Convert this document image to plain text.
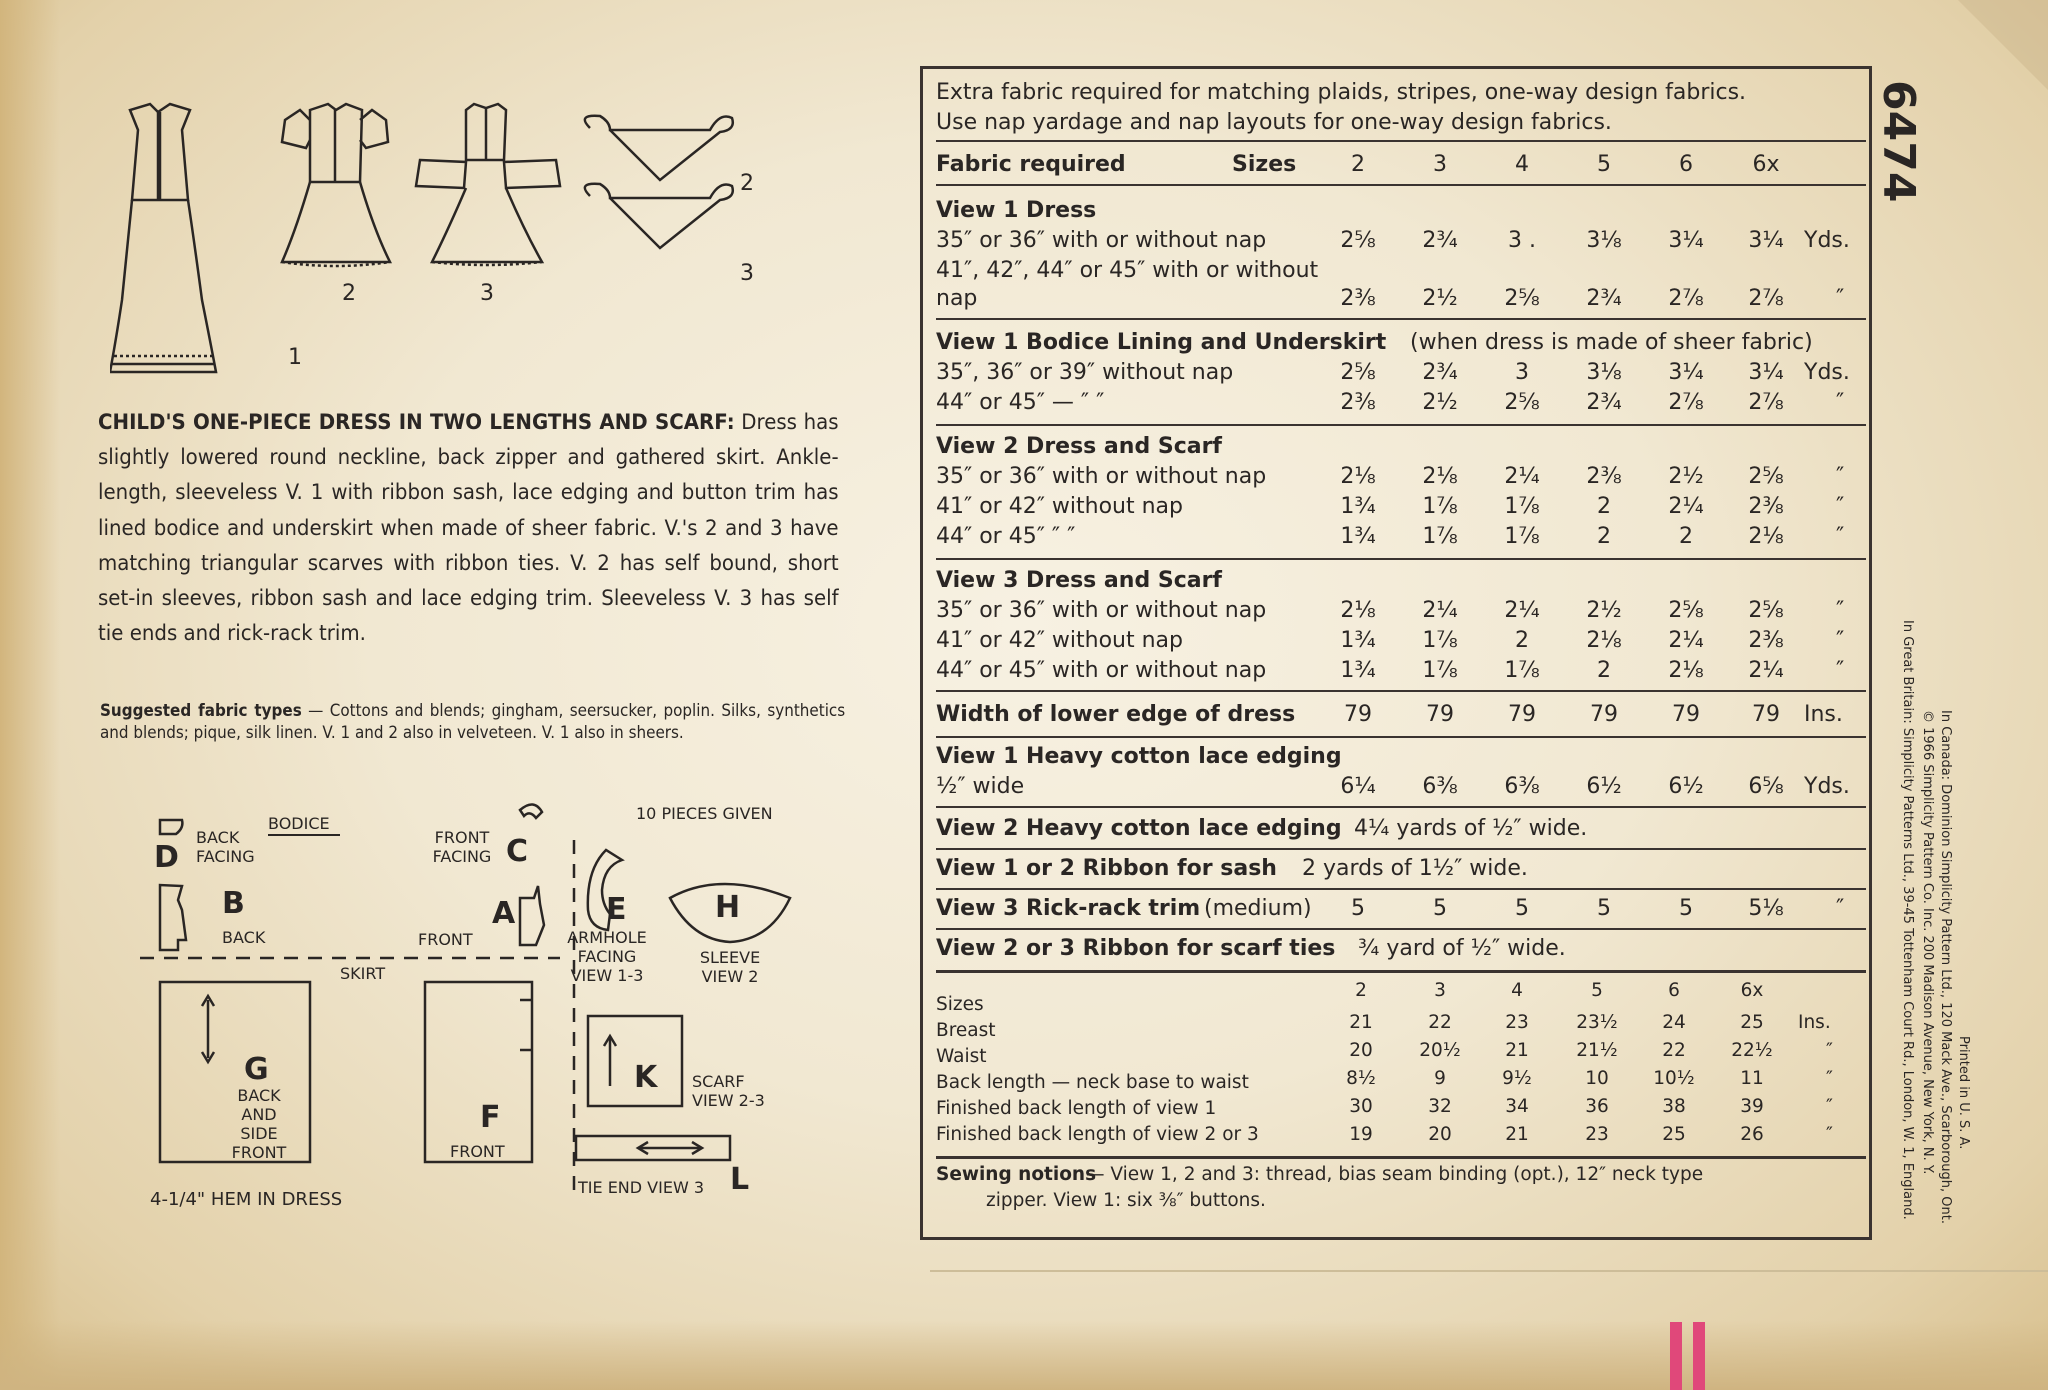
1
2	3
2
3
CHILD'S ONE-PIECE DRESS IN TWO LENGTHS AND SCARF: Dress has slightly lowered round neckline, back zipper and gathered skirt. Ankle-length, sleeveless V. 1 with ribbon sash, lace edging and button trim has lined bodice and underskirt when made of sheer fabric. V.'s 2 and 3 have matching triangular scarves with ribbon ties. V. 2 has self bound, short set-in sleeves, ribbon sash and lace edging trim. Sleeveless V. 3 has self tie ends and rick-rack trim.
Suggested fabric types — Cottons and blends; gingham, seersucker, poplin. Silks, synthetics and blends; pique, silk linen. V. 1 and 2 also in velveteen. V. 1 also in sheers.
BODICE
10 PIECES GIVEN
BACK FACING
D
B
BACK
FRONT FACING C
A
FRONT
E
ARMHOLE FACING VIEW 1-3
H
SLEEVE VIEW 2
SKIRT
G
BACK AND SIDE FRONT
F
FRONT
K SCARF VIEW 2-3
TIE END VIEW 3 L
4-1/4" HEM IN DRESS
Extra fabric required for matching plaids, stripes, one-way design fabrics.
Use nap yardage and nap layouts for one-way design fabrics.
Fabric required	Sizes	2	3	4	5	6	6x
View 1 Dress
35″ or 36″ with or without nap	2⅝	2¾	3 .	3⅛	3¼	3¼ Yds.
41″, 42″, 44″ or 45″ with or without
nap	2⅜	2½	2⅝	2¾	2⅞	2⅞	″
View 1 Bodice Lining and Underskirt (when dress is made of sheer fabric)
35″, 36″ or 39″ without nap	2⅝	2¾	3	3⅛	3¼	3¼ Yds.
44″ or 45″ — ″ ″	2⅜	2½	2⅝	2¾	2⅞	2⅞	″
View 2 Dress and Scarf
35″ or 36″ with or without nap	2⅛	2⅛	2¼	2⅜	2½	2⅝	″
41″ or 42″ without nap	1¾	1⅞	1⅞	2	2¼	2⅜	″
44″ or 45″ ″ ″	1¾	1⅞	1⅞	2	2	2⅛	″
View 3 Dress and Scarf
35″ or 36″ with or without nap	2⅛	2¼	2¼	2½	2⅝	2⅝	″
41″ or 42″ without nap	1¾	1⅞	2	2⅛	2¼	2⅜	″
44″ or 45″ with or without nap	1¾	1⅞	1⅞	2	2⅛	2¼	″
Width of lower edge of dress	79	79	79	79	79	79	Ins.
View 1 Heavy cotton lace edging
½″ wide	6¼	6⅜	6⅜	6½	6½	6⅝ Yds.
View 2 Heavy cotton lace edging 4¼ yards of ½″ wide.
View 1 or 2 Ribbon for sash 2 yards of 1½″ wide.
View 3 Rick-rack trim (medium)	5	5	5	5	5	5⅛	″
View 2 or 3 Ribbon for scarf ties ¾ yard of ½″ wide.
Sizes
2	3	4	5	6	6x
Breast	21	22	23	23½	24	25	Ins.
Waist	20	20½	21	21½	22	22½	″
Back length — neck base to waist	8½	9	9½	10	10½	11	″
Finished back length of view 1	30	32	34	36	38	39	″
Finished back length of view 2 or 3	19	20	21	23	25	26	″
Sewing notions
— View 1, 2 and 3: thread, bias seam binding (opt.), 12″ neck type
zipper. View 1: six ⅜″ buttons.
6474
In Great Britain: Simplicity Patterns Ltd., 39-45 Tottenham Court Rd., London, W. 1, England. © 1966 Simplicity Pattern Co. Inc. 200 Madison Avenue, New York, N. Y. In Canada: Dominion Simplicity Pattern Ltd., 120 Mack Ave., Scarborough, Ont. Printed in U. S. A.
